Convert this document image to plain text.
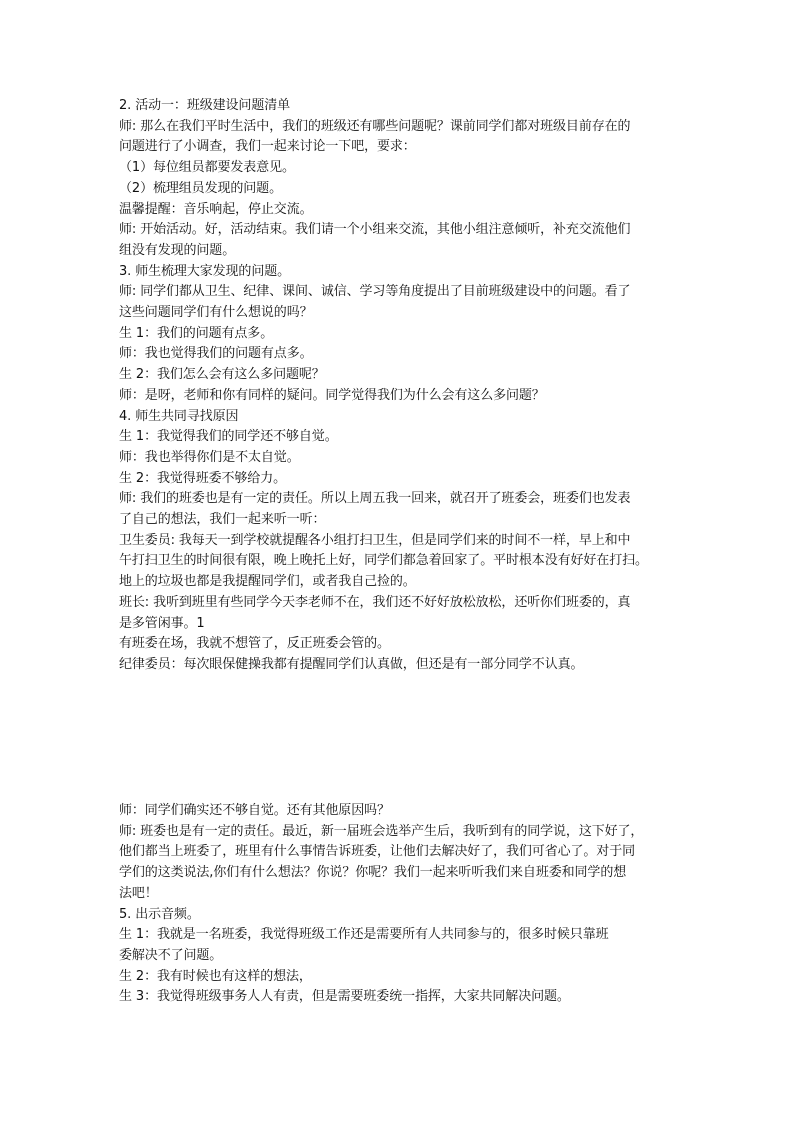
2. 活动一：班级建设问题清单

师: 那么在我们平时生活中，我们的班级还有哪些问题呢？课前同学们都对班级目前存在的

问题进行了小调查，我们一起来讨论一下吧，要求：

（1）每位组员都要发表意见。

（2）梳理组员发现的问题。

温馨提醒：音乐响起，停止交流。

师: 开始活动。好，活动结束。我们请一个小组来交流，其他小组注意倾听，补充交流他们

组没有发现的问题。

3. 师生梳理大家发现的问题。

师: 同学们都从卫生、纪律、课间、诚信、学习等角度提出了目前班级建设中的问题。看了

这些问题同学们有什么想说的吗？

生 1：我们的问题有点多。

师：我也觉得我们的问题有点多。

生 2：我们怎么会有这么多问题呢？

师：是呀，老师和你有同样的疑问。同学觉得我们为什么会有这么多问题？

4. 师生共同寻找原因

生 1：我觉得我们的同学还不够自觉。

师：我也举得你们是不太自觉。

生 2：我觉得班委不够给力。

师: 我们的班委也是有一定的责任。所以上周五我一回来，就召开了班委会，班委们也发表

了自己的想法，我们一起来听一听：

卫生委员: 我每天一到学校就提醒各小组打扫卫生，但是同学们来的时间不一样，早上和中

午打扫卫生的时间很有限，晚上晚托上好，同学们都急着回家了。平时根本没有好好在打扫。

地上的垃圾也都是我提醒同学们，或者我自己捡的。

班长: 我听到班里有些同学今天李老师不在，我们还不好好放松放松，还听你们班委的，真

是多管闲事。1

有班委在场，我就不想管了，反正班委会管的。

纪律委员：每次眼保健操我都有提醒同学们认真做，但还是有一部分同学不认真。

师：同学们确实还不够自觉。还有其他原因吗？

师: 班委也是有一定的责任。最近，新一届班会选举产生后，我听到有的同学说，这下好了，

他们都当上班委了，班里有什么事情告诉班委，让他们去解决好了，我们可省心了。对于同

学们的这类说法,你们有什么想法？你说？你呢？我们一起来听听我们来自班委和同学的想

法吧！

5. 出示音频。

生 1：我就是一名班委，我觉得班级工作还是需要所有人共同参与的，很多时候只靠班

委解决不了问题。

生 2：我有时候也有这样的想法，

生 3：我觉得班级事务人人有责，但是需要班委统一指挥，大家共同解决问题。
